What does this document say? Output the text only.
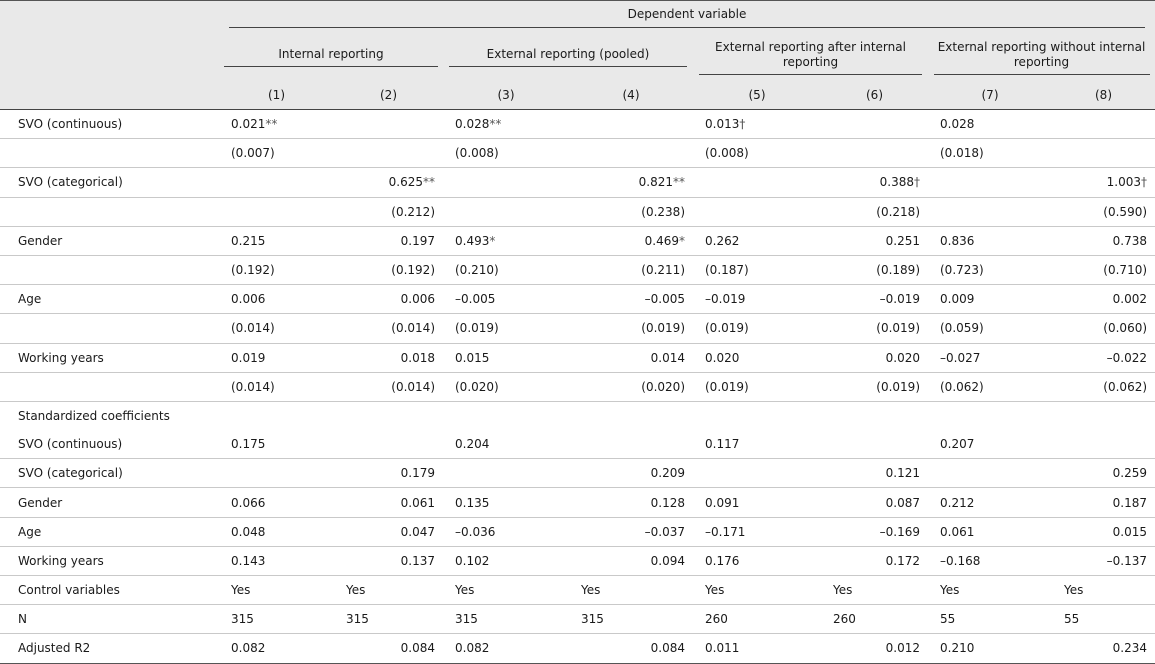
	Dependent variable							

	Internal reporting		External reporting (pooled)		External reporting after internal reporting		External reporting without internal reporting	
	(1)	(2)	(3)	(4)	(5)	(6)	(7)	(8)
SVO (continuous)	0.021**		0.028**		0.013†		0.028	
	(0.007)		(0.008)		(0.008)		(0.018)	
SVO (categorical)		0.625**		0.821**		0.388†		1.003†
		(0.212)		(0.238)		(0.218)		(0.590)
Gender	0.215	0.197	0.493*	0.469*	0.262	0.251	0.836	0.738
	(0.192)	(0.192)	(0.210)	(0.211)	(0.187)	(0.189)	(0.723)	(0.710)
Age	0.006	0.006	–0.005	–0.005	–0.019	–0.019	0.009	0.002
	(0.014)	(0.014)	(0.019)	(0.019)	(0.019)	(0.019)	(0.059)	(0.060)
Working years	0.019	0.018	0.015	0.014	0.020	0.020	–0.027	–0.022
	(0.014)	(0.014)	(0.020)	(0.020)	(0.019)	(0.019)	(0.062)	(0.062)
Standardized coefficients								
SVO (continuous)	0.175		0.204		0.117		0.207	
SVO (categorical)		0.179		0.209		0.121		0.259
Gender	0.066	0.061	0.135	0.128	0.091	0.087	0.212	0.187
Age	0.048	0.047	–0.036	–0.037	–0.171	–0.169	0.061	0.015
Working years	0.143	0.137	0.102	0.094	0.176	0.172	–0.168	–0.137
Control variables	Yes	Yes	Yes	Yes	Yes	Yes	Yes	Yes
N	315	315	315	315	260	260	55	55
Adjusted R2	0.082	0.084	0.082	0.084	0.011	0.012	0.210	0.234
